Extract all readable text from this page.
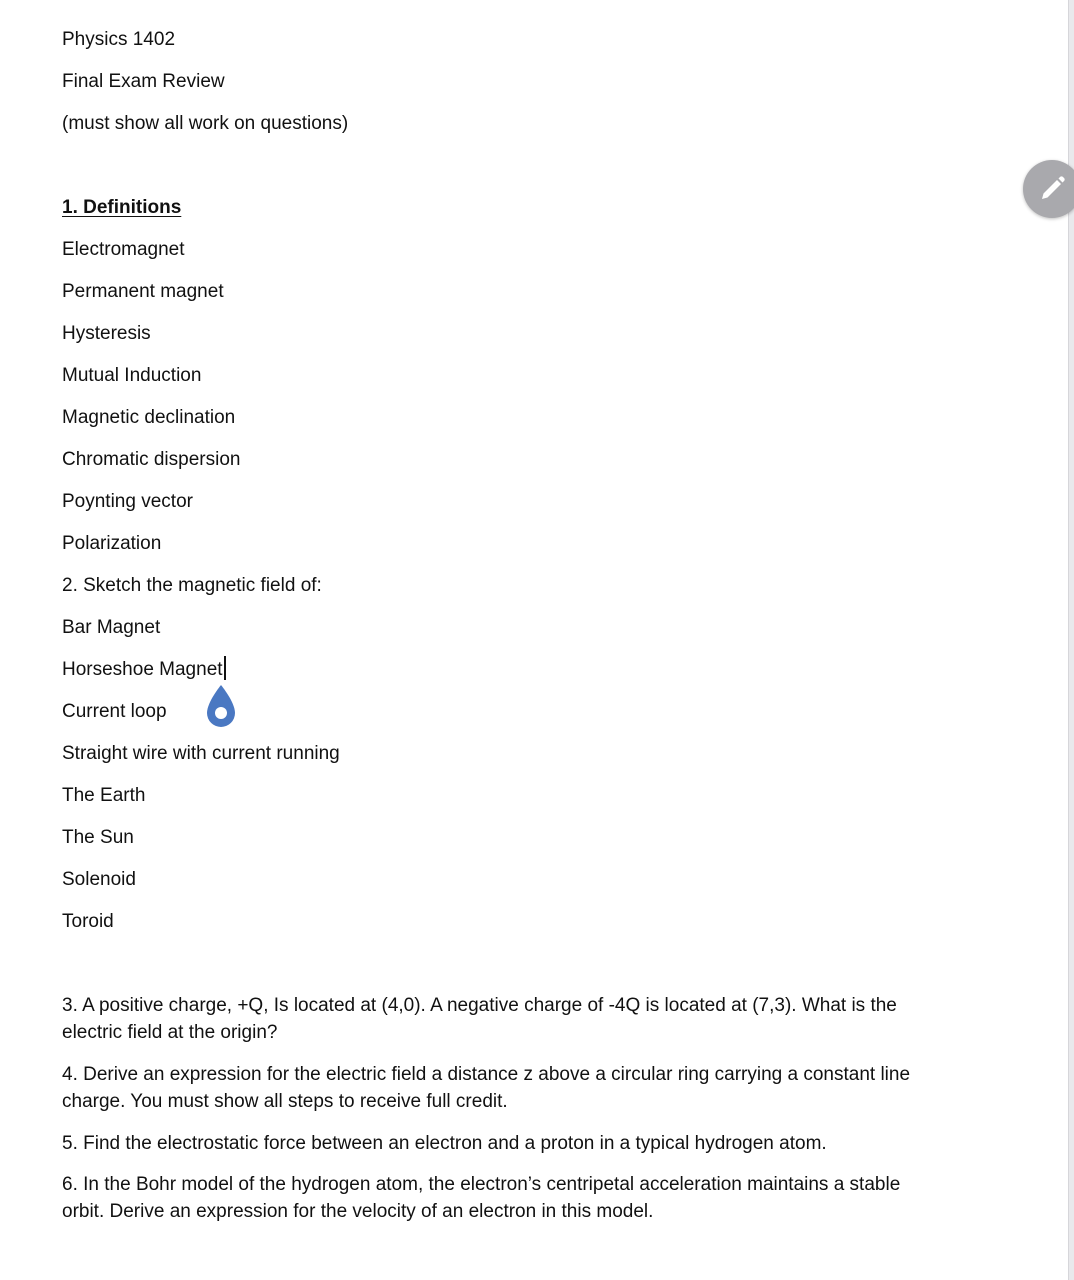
Physics 1402
Final Exam Review
(must show all work on questions)
1. Definitions
Electromagnet
Permanent magnet
Hysteresis
Mutual Induction
Magnetic declination
Chromatic dispersion
Poynting vector
Polarization
2. Sketch the magnetic field of:
Bar Magnet
Horseshoe Magnet
Current loop
Straight wire with current running
The Earth
The Sun
Solenoid
Toroid
3. A positive charge, +Q, Is located at (4,0). A negative charge of -4Q is located at (7,3). What is the electric field at the origin?
4. Derive an expression for the electric field a distance z above a circular ring carrying a constant line charge. You must show all steps to receive full credit.
5. Find the electrostatic force between an electron and a proton in a typical hydrogen atom.
6. In the Bohr model of the hydrogen atom, the electron’s centripetal acceleration maintains a stable orbit. Derive an expression for the velocity of an electron in this model.
